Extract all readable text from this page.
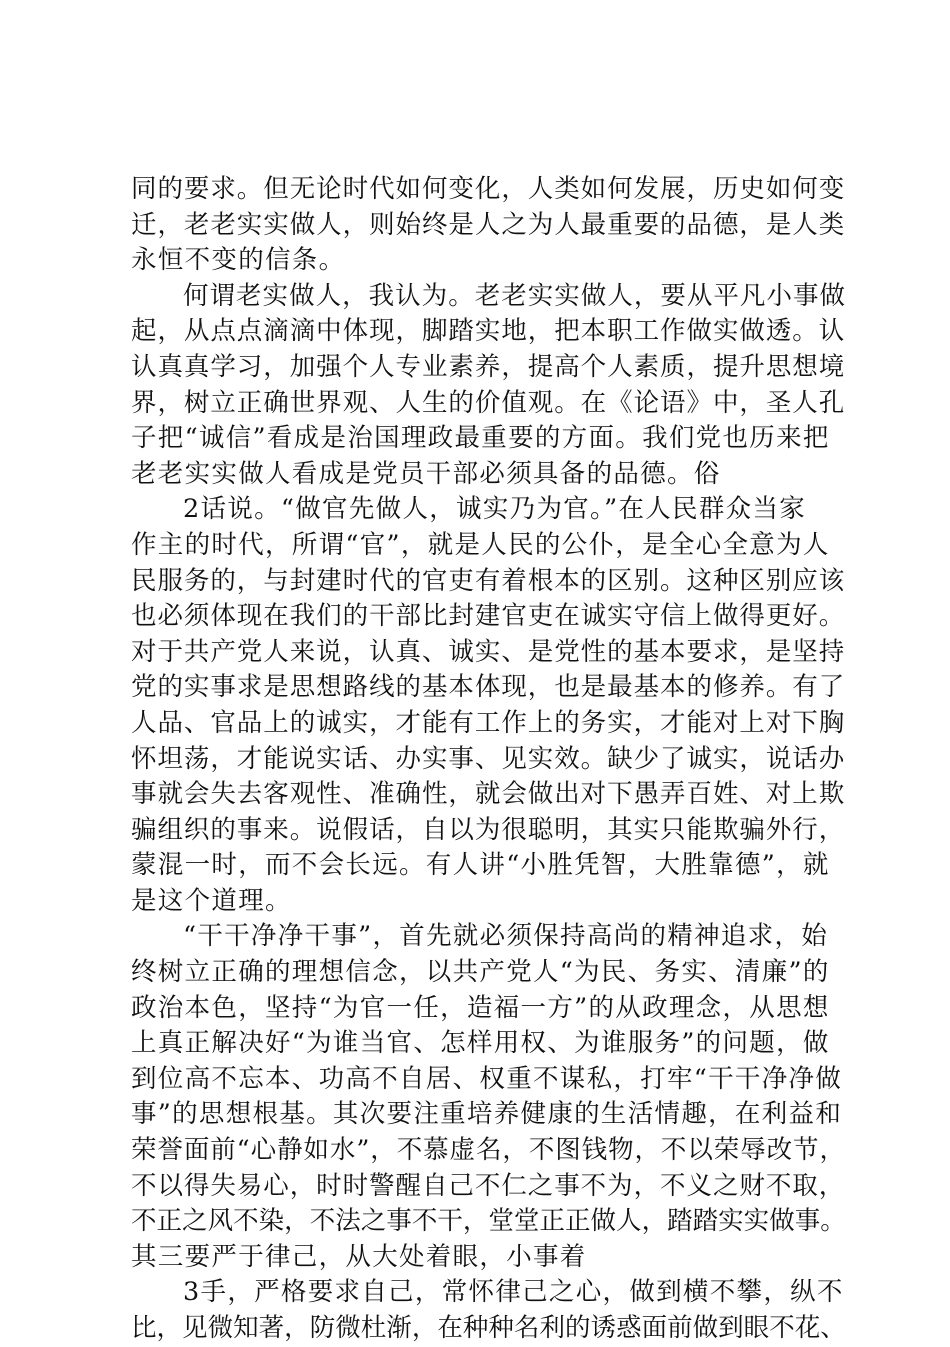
同的要求。但无论时代如何变化，人类如何发展，历史如何变
迁，老老实实做人，则始终是人之为人最重要的品德，是人类
永恒不变的信条。
何谓老实做人，我认为。老老实实做人，要从平凡小事做
起，从点点滴滴中体现，脚踏实地，把本职工作做实做透。认
认真真学习，加强个人专业素养，提高个人素质，提升思想境
界，树立正确世界观、人生的价值观。在《论语》中，圣人孔
子把“诚信”看成是治国理政最重要的方面。我们党也历来把
老老实实做人看成是党员干部必须具备的品德。俗
2话说。“做官先做人，诚实乃为官。”在人民群众当家
作主的时代，所谓“官”，就是人民的公仆，是全心全意为人
民服务的，与封建时代的官吏有着根本的区别。这种区别应该
也必须体现在我们的干部比封建官吏在诚实守信上做得更好。
对于共产党人来说，认真、诚实、是党性的基本要求，是坚持
党的实事求是思想路线的基本体现，也是最基本的修养。有了
人品、官品上的诚实，才能有工作上的务实，才能对上对下胸
怀坦荡，才能说实话、办实事、见实效。缺少了诚实，说话办
事就会失去客观性、准确性，就会做出对下愚弄百姓、对上欺
骗组织的事来。说假话，自以为很聪明，其实只能欺骗外行，
蒙混一时，而不会长远。有人讲“小胜凭智，大胜靠德”，就
是这个道理。
“干干净净干事”，首先就必须保持高尚的精神追求，始
终树立正确的理想信念，以共产党人“为民、务实、清廉”的
政治本色，坚持“为官一任，造福一方”的从政理念，从思想
上真正解决好“为谁当官、怎样用权、为谁服务”的问题，做
到位高不忘本、功高不自居、权重不谋私，打牢“干干净净做
事”的思想根基。其次要注重培养健康的生活情趣，在利益和
荣誉面前“心静如水”，不慕虚名，不图钱物，不以荣辱改节，
不以得失易心，时时警醒自己不仁之事不为，不义之财不取，
不正之风不染，不法之事不干，堂堂正正做人，踏踏实实做事。
其三要严于律己，从大处着眼，小事着
3手，严格要求自己，常怀律己之心，做到横不攀，纵不
比，见微知著，防微杜渐，在种种名利的诱惑面前做到眼不花、
